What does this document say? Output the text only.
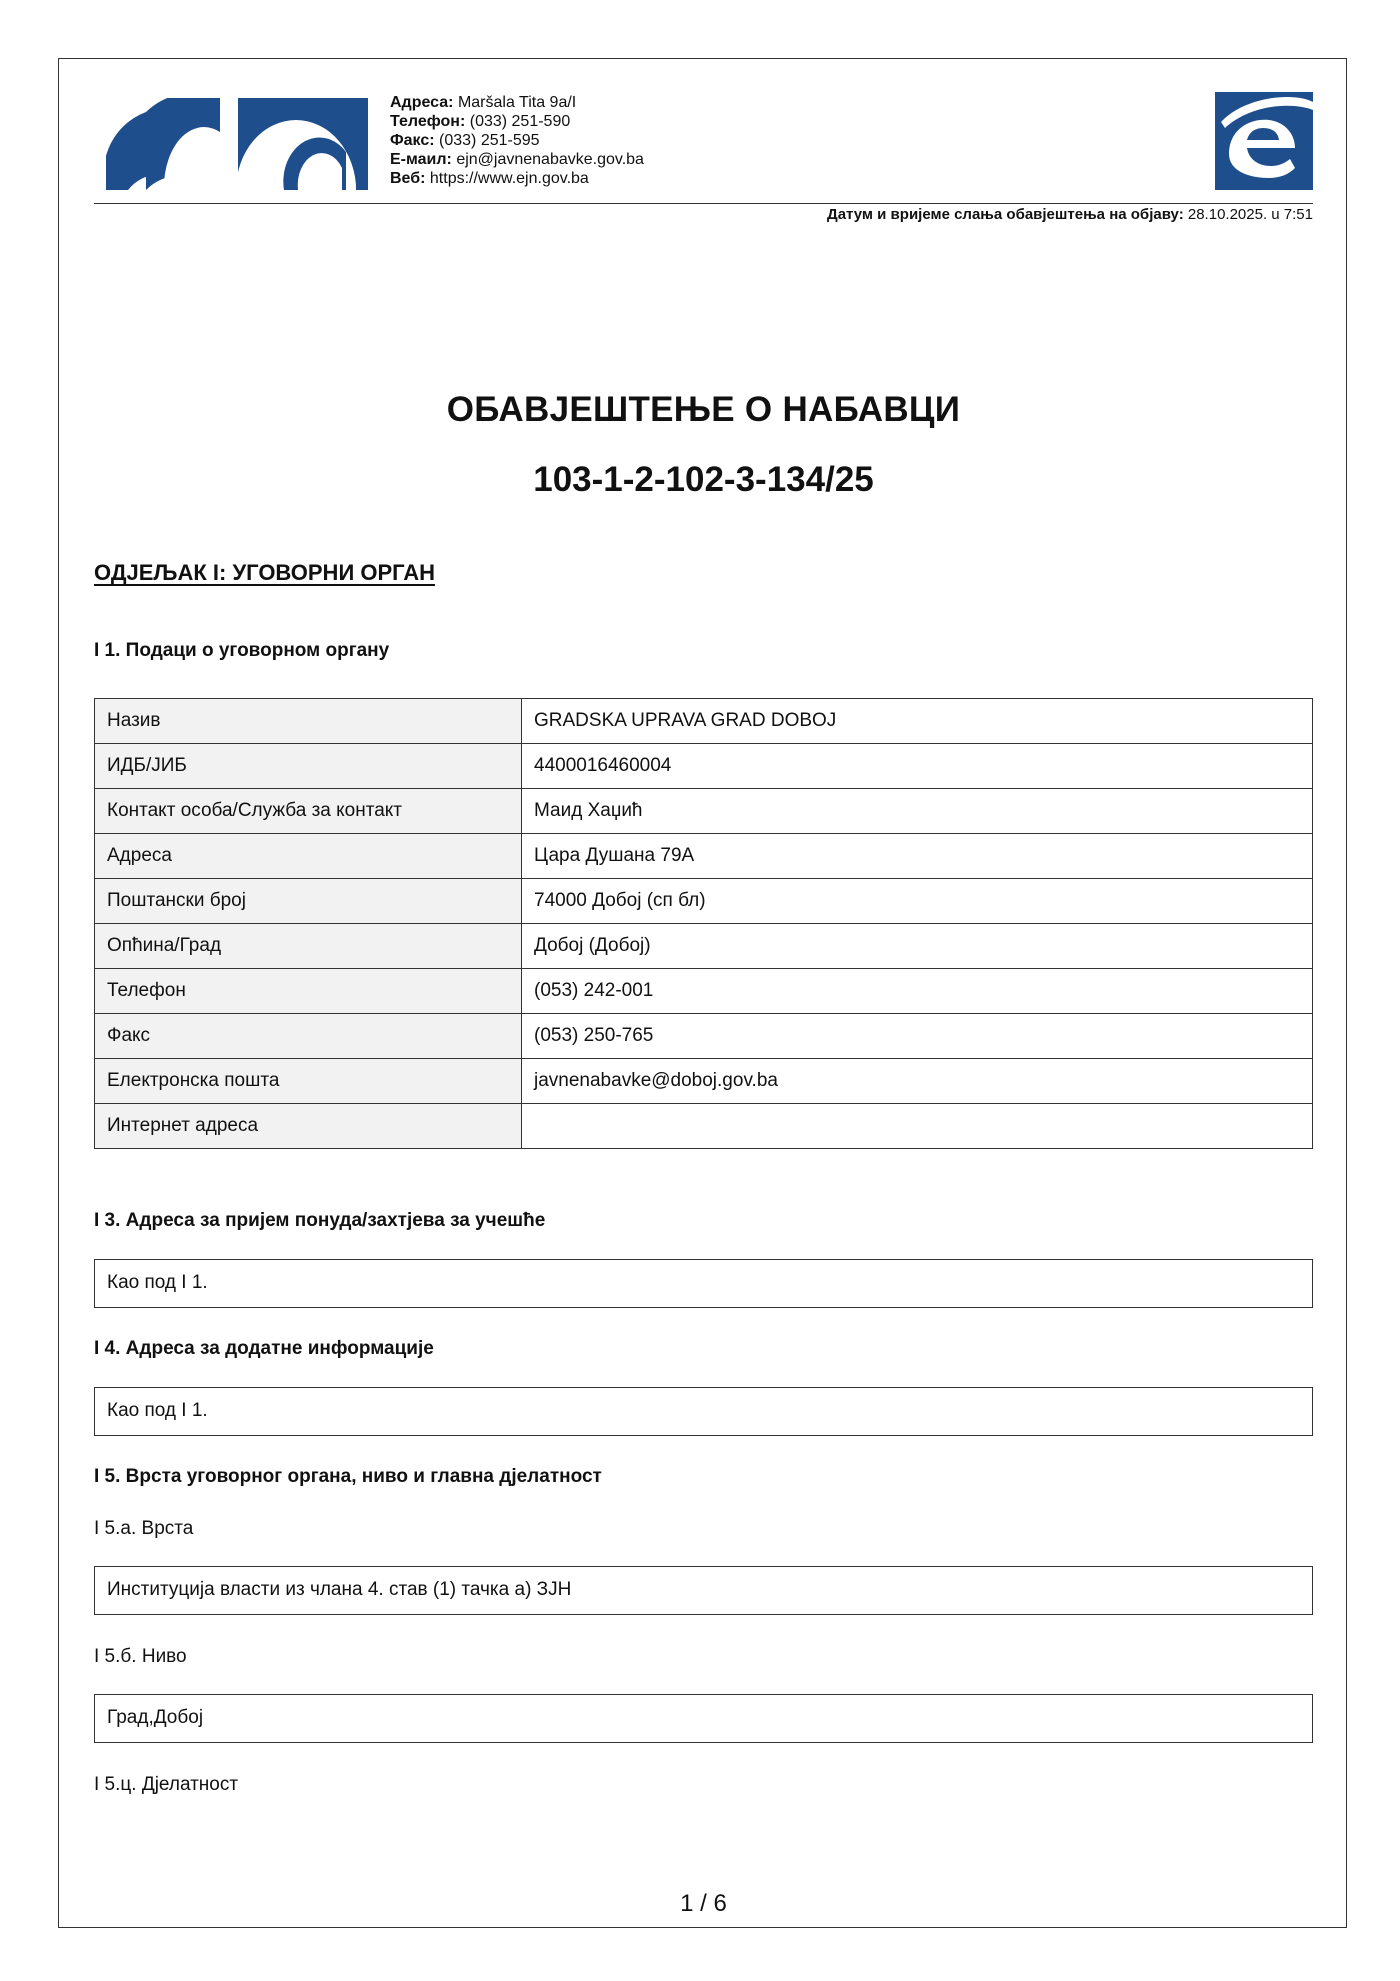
Адреса: Maršala Tita 9a/I
Телефон: (033) 251-590
Факс: (033) 251-595
Е-маил: ejn@javnenabavke.gov.ba
Веб: https://www.ejn.gov.ba
Датум и вријеме слања обавјештења на објаву: 28.10.2025. u 7:51
ОБАВЈЕШТЕЊЕ О НАБАВЦИ
103-1-2-102-3-134/25
ОДЈЕЉАК I: УГОВОРНИ ОРГАН
I 1. Подаци о уговорном органу
Назив	GRADSKA UPRAVA GRAD DOBOJ
ИДБ/ЈИБ	4400016460004
Контакт особа/Служба за контакт	Маид Хаџић
Адреса	Цара Душана 79А
Поштански број	74000 Добој (сп бл)
Опћина/Град	Добој (Добој)
Телефон	(053) 242-001
Факс	(053) 250-765
Електронска пошта	javnenabavke@doboj.gov.ba
Интернет адреса	
I 3. Адреса за пријем понуда/захтјева за учешће
Као под I 1.
I 4. Адреса за додатне информације
Као под I 1.
I 5. Врста уговорног органа, ниво и главна дјелатност
I 5.а. Врста
Институција власти из члана 4. став (1) тачка а) ЗЈН
I 5.б. Ниво
Град,Добој
I 5.ц. Дјелатност
1 / 6
